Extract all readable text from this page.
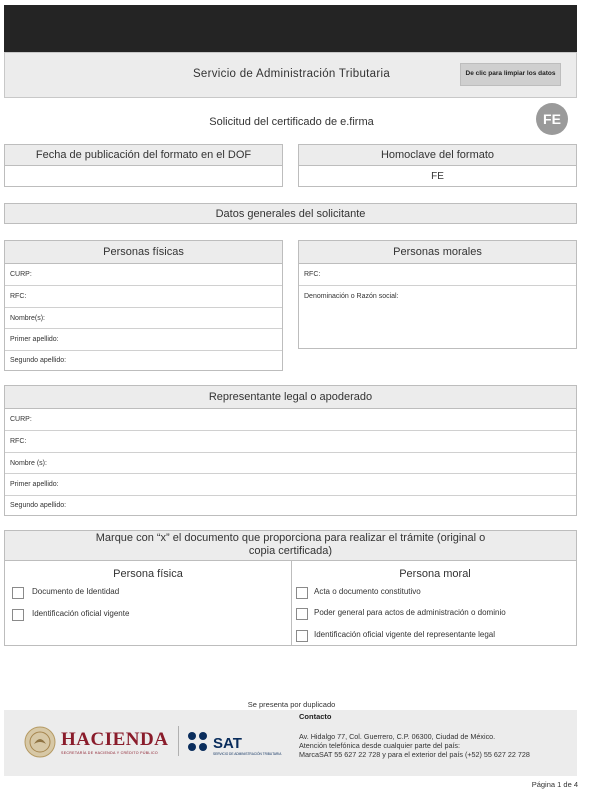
Servicio de Administración Tributaria	De clic para limpiar los datos
Solicitud del certificado de e.firma	FE
Fecha de publicación del formato en el DOF	Homoclave del formato
FE
Datos generales del solicitante
Personas físicas
CURP:
RFC:
Nombre(s):
Primer apellido:
Segundo apellido:
Personas morales
RFC:
Denominación o Razón social:
Representante legal o apoderado
CURP:
RFC:
Nombre (s):
Primer apellido:
Segundo apellido:
Marque con “x” el documento que proporciona para realizar el trámite (original o
copia certificada)
Persona física
Documento de Identidad
Identificación oficial vigente
Persona moral
Acta o documento constitutivo
Poder general para actos de administración o dominio
Identificación oficial vigente del representante legal
Se presenta por duplicado
HACIENDA
SECRETARÍA DE HACIENDA Y CRÉDITO PÚBLICO
SAT
SERVICIO DE ADMINISTRACIÓN TRIBUTARIA
Contacto
Av. Hidalgo 77, Col. Guerrero, C.P. 06300, Ciudad de México.
Atención telefónica desde cualquier parte del país:
MarcaSAT 55 627 22 728 y para el exterior del país (+52) 55 627 22 728
Página 1 de 4
